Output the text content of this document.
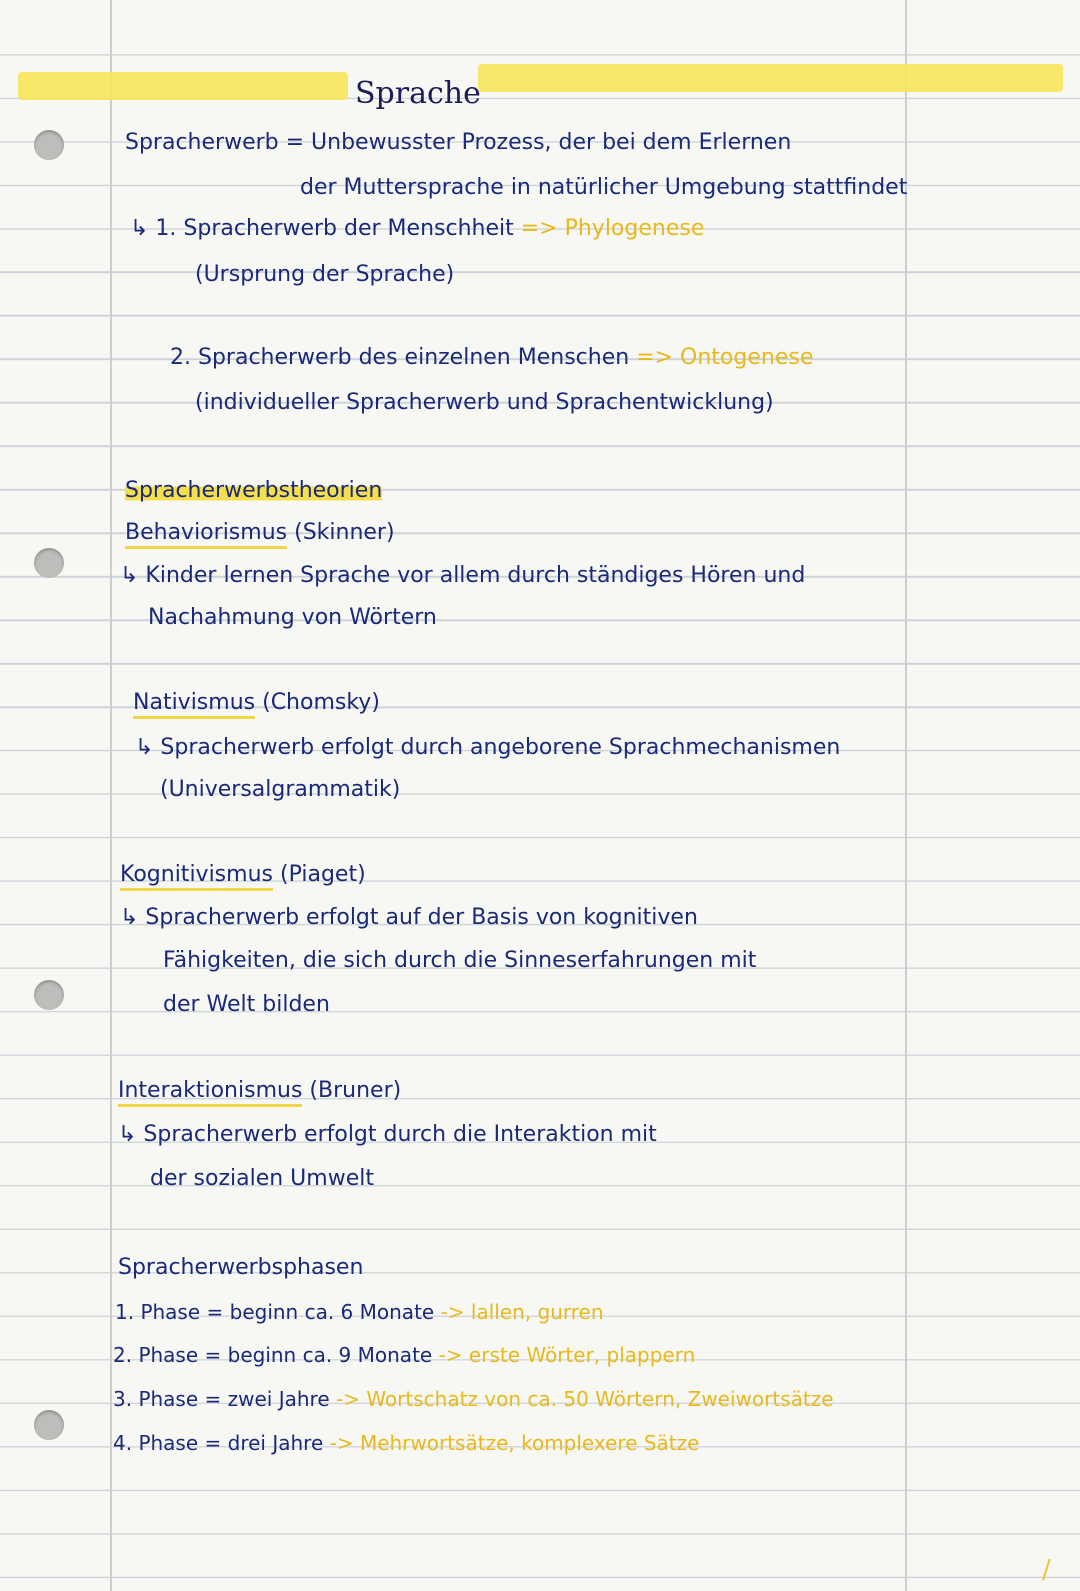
Sprache
Spracherwerb = Unbewusster Prozess, der bei dem Erlernen
der Muttersprache in natürlicher Umgebung stattfindet
↳ 1. Spracherwerb der Menschheit => Phylogenese
(Ursprung der Sprache)
2. Spracherwerb des einzelnen Menschen => Ontogenese
(individueller Spracherwerb und Sprachentwicklung)
Spracherwerbstheorien
Behaviorismus (Skinner)
↳ Kinder lernen Sprache vor allem durch ständiges Hören und
Nachahmung von Wörtern
Nativismus (Chomsky)
↳ Spracherwerb erfolgt durch angeborene Sprachmechanismen
(Universalgrammatik)
Kognitivismus (Piaget)
↳ Spracherwerb erfolgt auf der Basis von kognitiven
Fähigkeiten, die sich durch die Sinneserfahrungen mit
der Welt bilden
Interaktionismus (Bruner)
↳ Spracherwerb erfolgt durch die Interaktion mit
der sozialen Umwelt
Spracherwerbsphasen
1. Phase = beginn ca. 6 Monate -> lallen, gurren
2. Phase = beginn ca. 9 Monate -> erste Wörter, plappern
3. Phase = zwei Jahre -> Wortschatz von ca. 50 Wörtern, Zweiwortsätze
4. Phase = drei Jahre -> Mehrwortsätze, komplexere Sätze
/
